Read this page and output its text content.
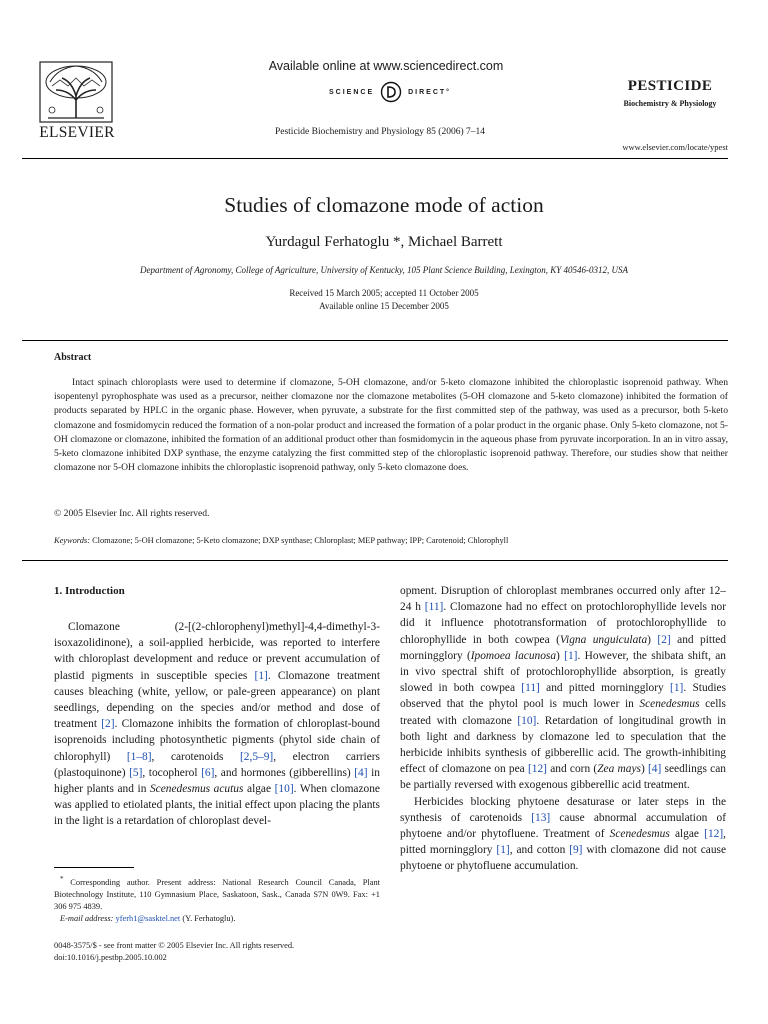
ELSEVIER
Available online at www.sciencedirect.com
SCIENCE	DIRECT°
Pesticide Biochemistry and Physiology 85 (2006) 7–14
PESTICIDE
Biochemistry & Physiology
www.elsevier.com/locate/ypest
Studies of clomazone mode of action
Yurdagul Ferhatoglu *, Michael Barrett
Department of Agronomy, College of Agriculture, University of Kentucky, 105 Plant Science Building, Lexington, KY 40546-0312, USA
Received 15 March 2005; accepted 11 October 2005
Available online 15 December 2005
Abstract

Intact spinach chloroplasts were used to determine if clomazone, 5-OH clomazone, and/or 5-keto clomazone inhibited the chloroplastic isoprenoid pathway. When isopentenyl pyrophosphate was used as a precursor, neither clomazone nor the clomazone metabolites (5-OH clomazone and 5-keto clomazone) inhibited the formation of products separated by HPLC in the organic phase. However, when pyruvate, a substrate for the first committed step of the pathway, was used as a precursor, both 5-keto clomazone and fosmidomycin reduced the formation of a non-polar product and increased the formation of a polar product in the organic phase. Only 5-keto clomazone, not 5-OH clomazone or clomazone, inhibited the formation of an additional product other than fosmidomycin in the aqueous phase from pyruvate incorporation. In an in vitro assay, 5-keto clomazone inhibited DXP synthase, the enzyme catalyzing the first committed step of the chloroplastic isoprenoid pathway. Therefore, our studies show that neither clomazone nor 5-OH clomazone inhibits the chloroplastic isoprenoid pathway, only 5-keto clomazone does.

© 2005 Elsevier Inc. All rights reserved.
Keywords: Clomazone; 5-OH clomazone; 5-Keto clomazone; DXP synthase; Chloroplast; MEP pathway; IPP; Carotenoid; Chlorophyll
1. Introduction

Clomazone (2-[(2-chlorophenyl)methyl]-4,4-dimethyl-3-isoxazolidinone), a soil-applied herbicide, was reported to interfere with chloroplast development and reduce or prevent accumulation of plastid pigments in susceptible species [1]. Clomazone treatment causes bleaching (white, yellow, or pale-green appearance) on plant seedlings, depending on the species and/or method and dose of treatment [2]. Clomazone inhibits the formation of chloroplast-bound isoprenoids including photosynthetic pigments (phytol side chain of chlorophyll) [1–8], carotenoids [2,5–9], electron carriers (plastoquinone) [5], tocopherol [6], and hormones (gibberellins) [4] in higher plants and in Scenedesmus acutus algae [10]. When clomazone was applied to etiolated plants, the initial effect upon placing the plants in the light is a retardation of chloroplast devel-

opment. Disruption of chloroplast membranes occurred only after 12–24 h [11]. Clomazone had no effect on protochlorophyllide levels nor did it influence phototransformation of protochlorophyllide to chlorophyllide in both cowpea (Vigna unguiculata) [2] and pitted morningglory (Ipomoea lacunosa) [1]. However, the shibata shift, an in vivo spectral shift of protochlorophyllide absorption, is greatly slowed in both cowpea [11] and pitted morningglory [1]. Studies observed that the phytol pool is much lower in Scenedesmus cells treated with clomazone [10]. Retardation of longitudinal growth in both light and darkness by clomazone led to speculation that the herbicide inhibits synthesis of gibberellic acid. The growth-inhibiting effect of clomazone on pea [12] and corn (Zea mays) [4] seedlings can be partially reversed with exogenous gibberellic acid treatment.

Herbicides blocking phytoene desaturase or later steps in the synthesis of carotenoids [13] cause abnormal accumulation of phytoene and/or phytofluene. Treatment of Scenedesmus algae [12], pitted morningglory [1], and cotton [9] with clomazone did not cause phytoene or phytofluene accumulation.

* Corresponding author. Present address: National Research Council Canada, Plant Biotechnology Institute, 110 Gymnasium Place, Saskatoon, Sask., Canada S7N 0W9. Fax: +1 306 975 4839.

E-mail address: yferh1@sasktel.net (Y. Ferhatoglu).

0048-3575/$ - see front matter © 2005 Elsevier Inc. All rights reserved.
doi:10.1016/j.pestbp.2005.10.002
